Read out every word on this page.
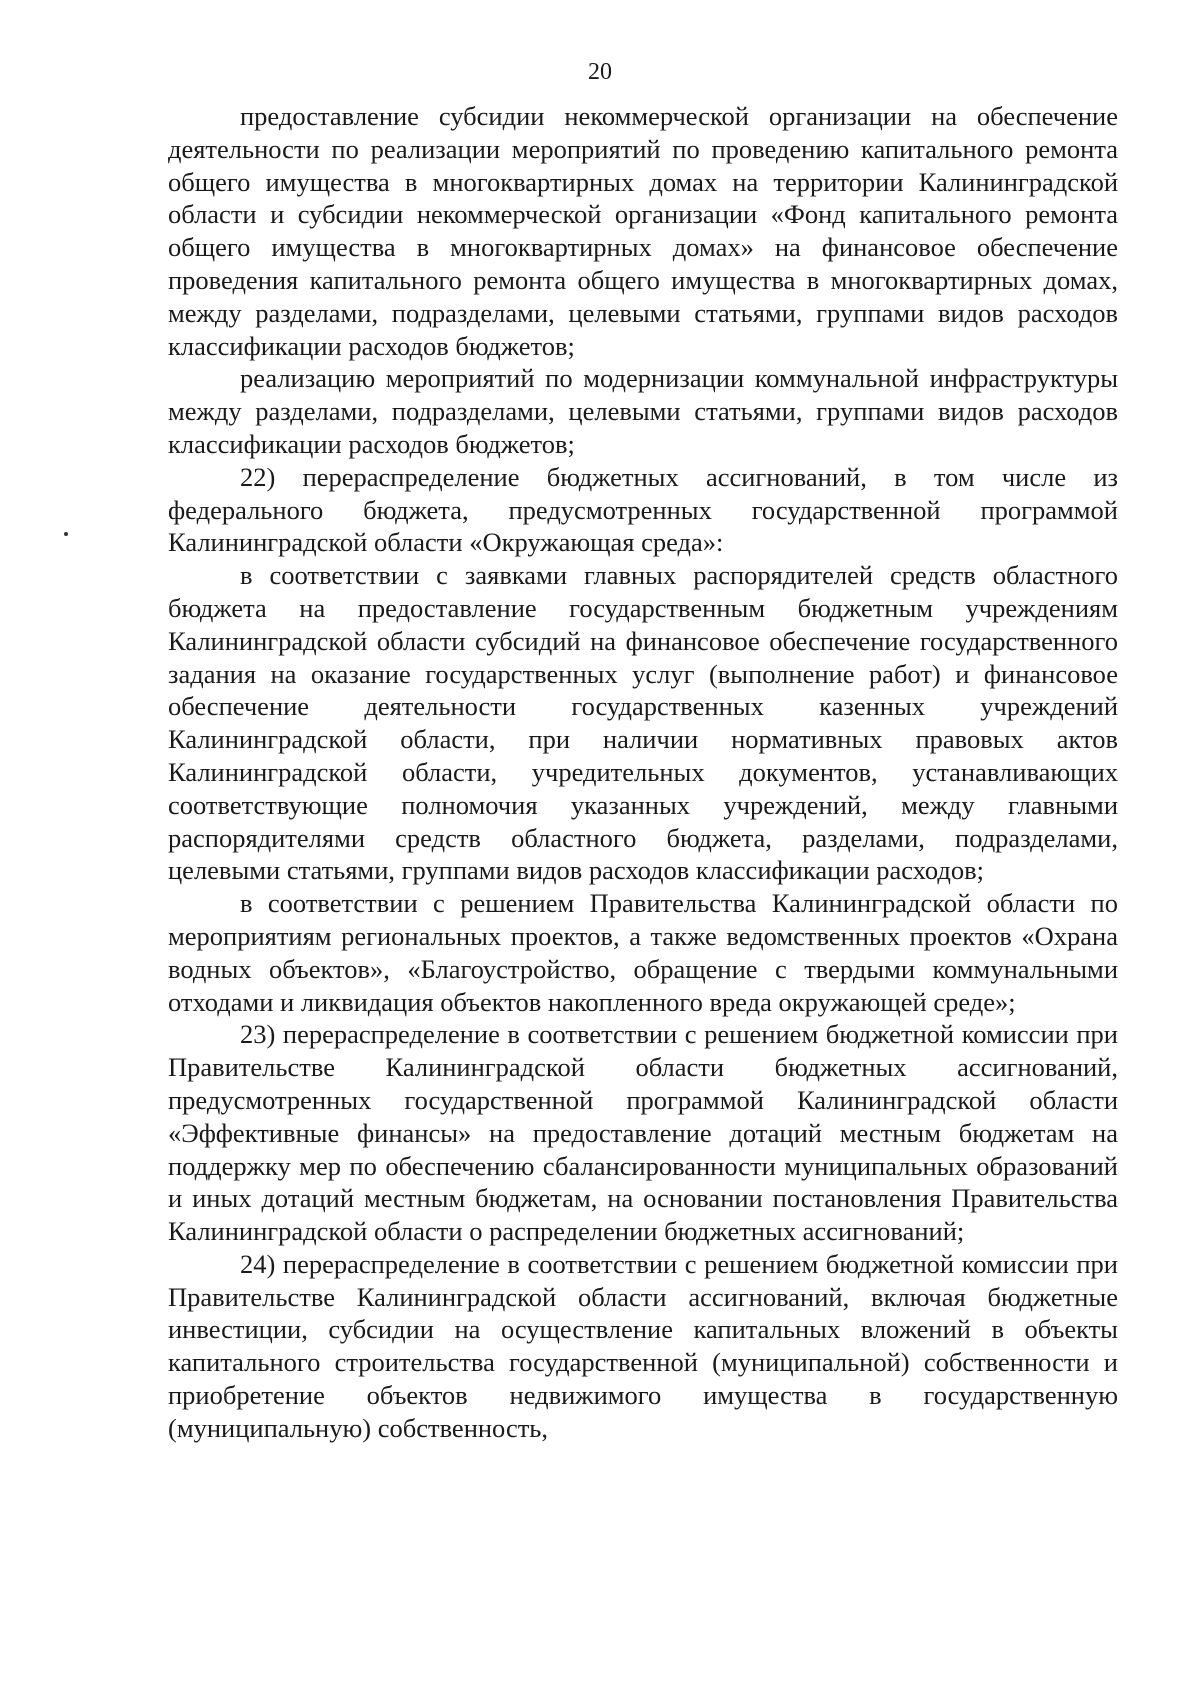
20

предоставление субсидии некоммерческой организации на обеспечение деятельности по реализации мероприятий по проведению капитального ремонта общего имущества в многоквартирных домах на территории Калининградской области и субсидии некоммерческой организации «Фонд капитального ремонта общего имущества в многоквартирных домах» на финансовое обеспечение проведения капитального ремонта общего имущества в многоквартирных домах, между разделами, подразделами, целевыми статьями, группами видов расходов классификации расходов бюджетов;

реализацию мероприятий по модернизации коммунальной инфраструктуры между разделами, подразделами, целевыми статьями, группами видов расходов классификации расходов бюджетов;

22) перераспределение бюджетных ассигнований, в том числе из федерального бюджета, предусмотренных государственной программой Калининградской области «Окружающая среда»:

в соответствии с заявками главных распорядителей средств областного бюджета на предоставление государственным бюджетным учреждениям Калининградской области субсидий на финансовое обеспечение государственного задания на оказание государственных услуг (выполнение работ) и финансовое обеспечение деятельности государственных казенных учреждений Калининградской области, при наличии нормативных правовых актов Калининградской области, учредительных документов, устанавливающих соответствующие полномочия указанных учреждений, между главными распорядителями средств областного бюджета, разделами, подразделами, целевыми статьями, группами видов расходов классификации расходов;

в соответствии с решением Правительства Калининградской области по мероприятиям региональных проектов, а также ведомственных проектов «Охрана водных объектов», «Благоустройство, обращение с твердыми коммунальными отходами и ликвидация объектов накопленного вреда окружающей среде»;

23) перераспределение в соответствии с решением бюджетной комиссии при Правительстве Калининградской области бюджетных ассигнований, предусмотренных государственной программой Калининградской области «Эффективные финансы» на предоставление дотаций местным бюджетам на поддержку мер по обеспечению сбалансированности муниципальных образований и иных дотаций местным бюджетам, на основании постановления Правительства Калининградской области о распределении бюджетных ассигнований;

24) перераспределение в соответствии с решением бюджетной комиссии при Правительстве Калининградской области ассигнований, включая бюджетные инвестиции, субсидии на осуществление капитальных вложений в объекты капитального строительства государственной (муниципальной) собственности и приобретение объектов недвижимого имущества в государственную (муниципальную) собственность,
